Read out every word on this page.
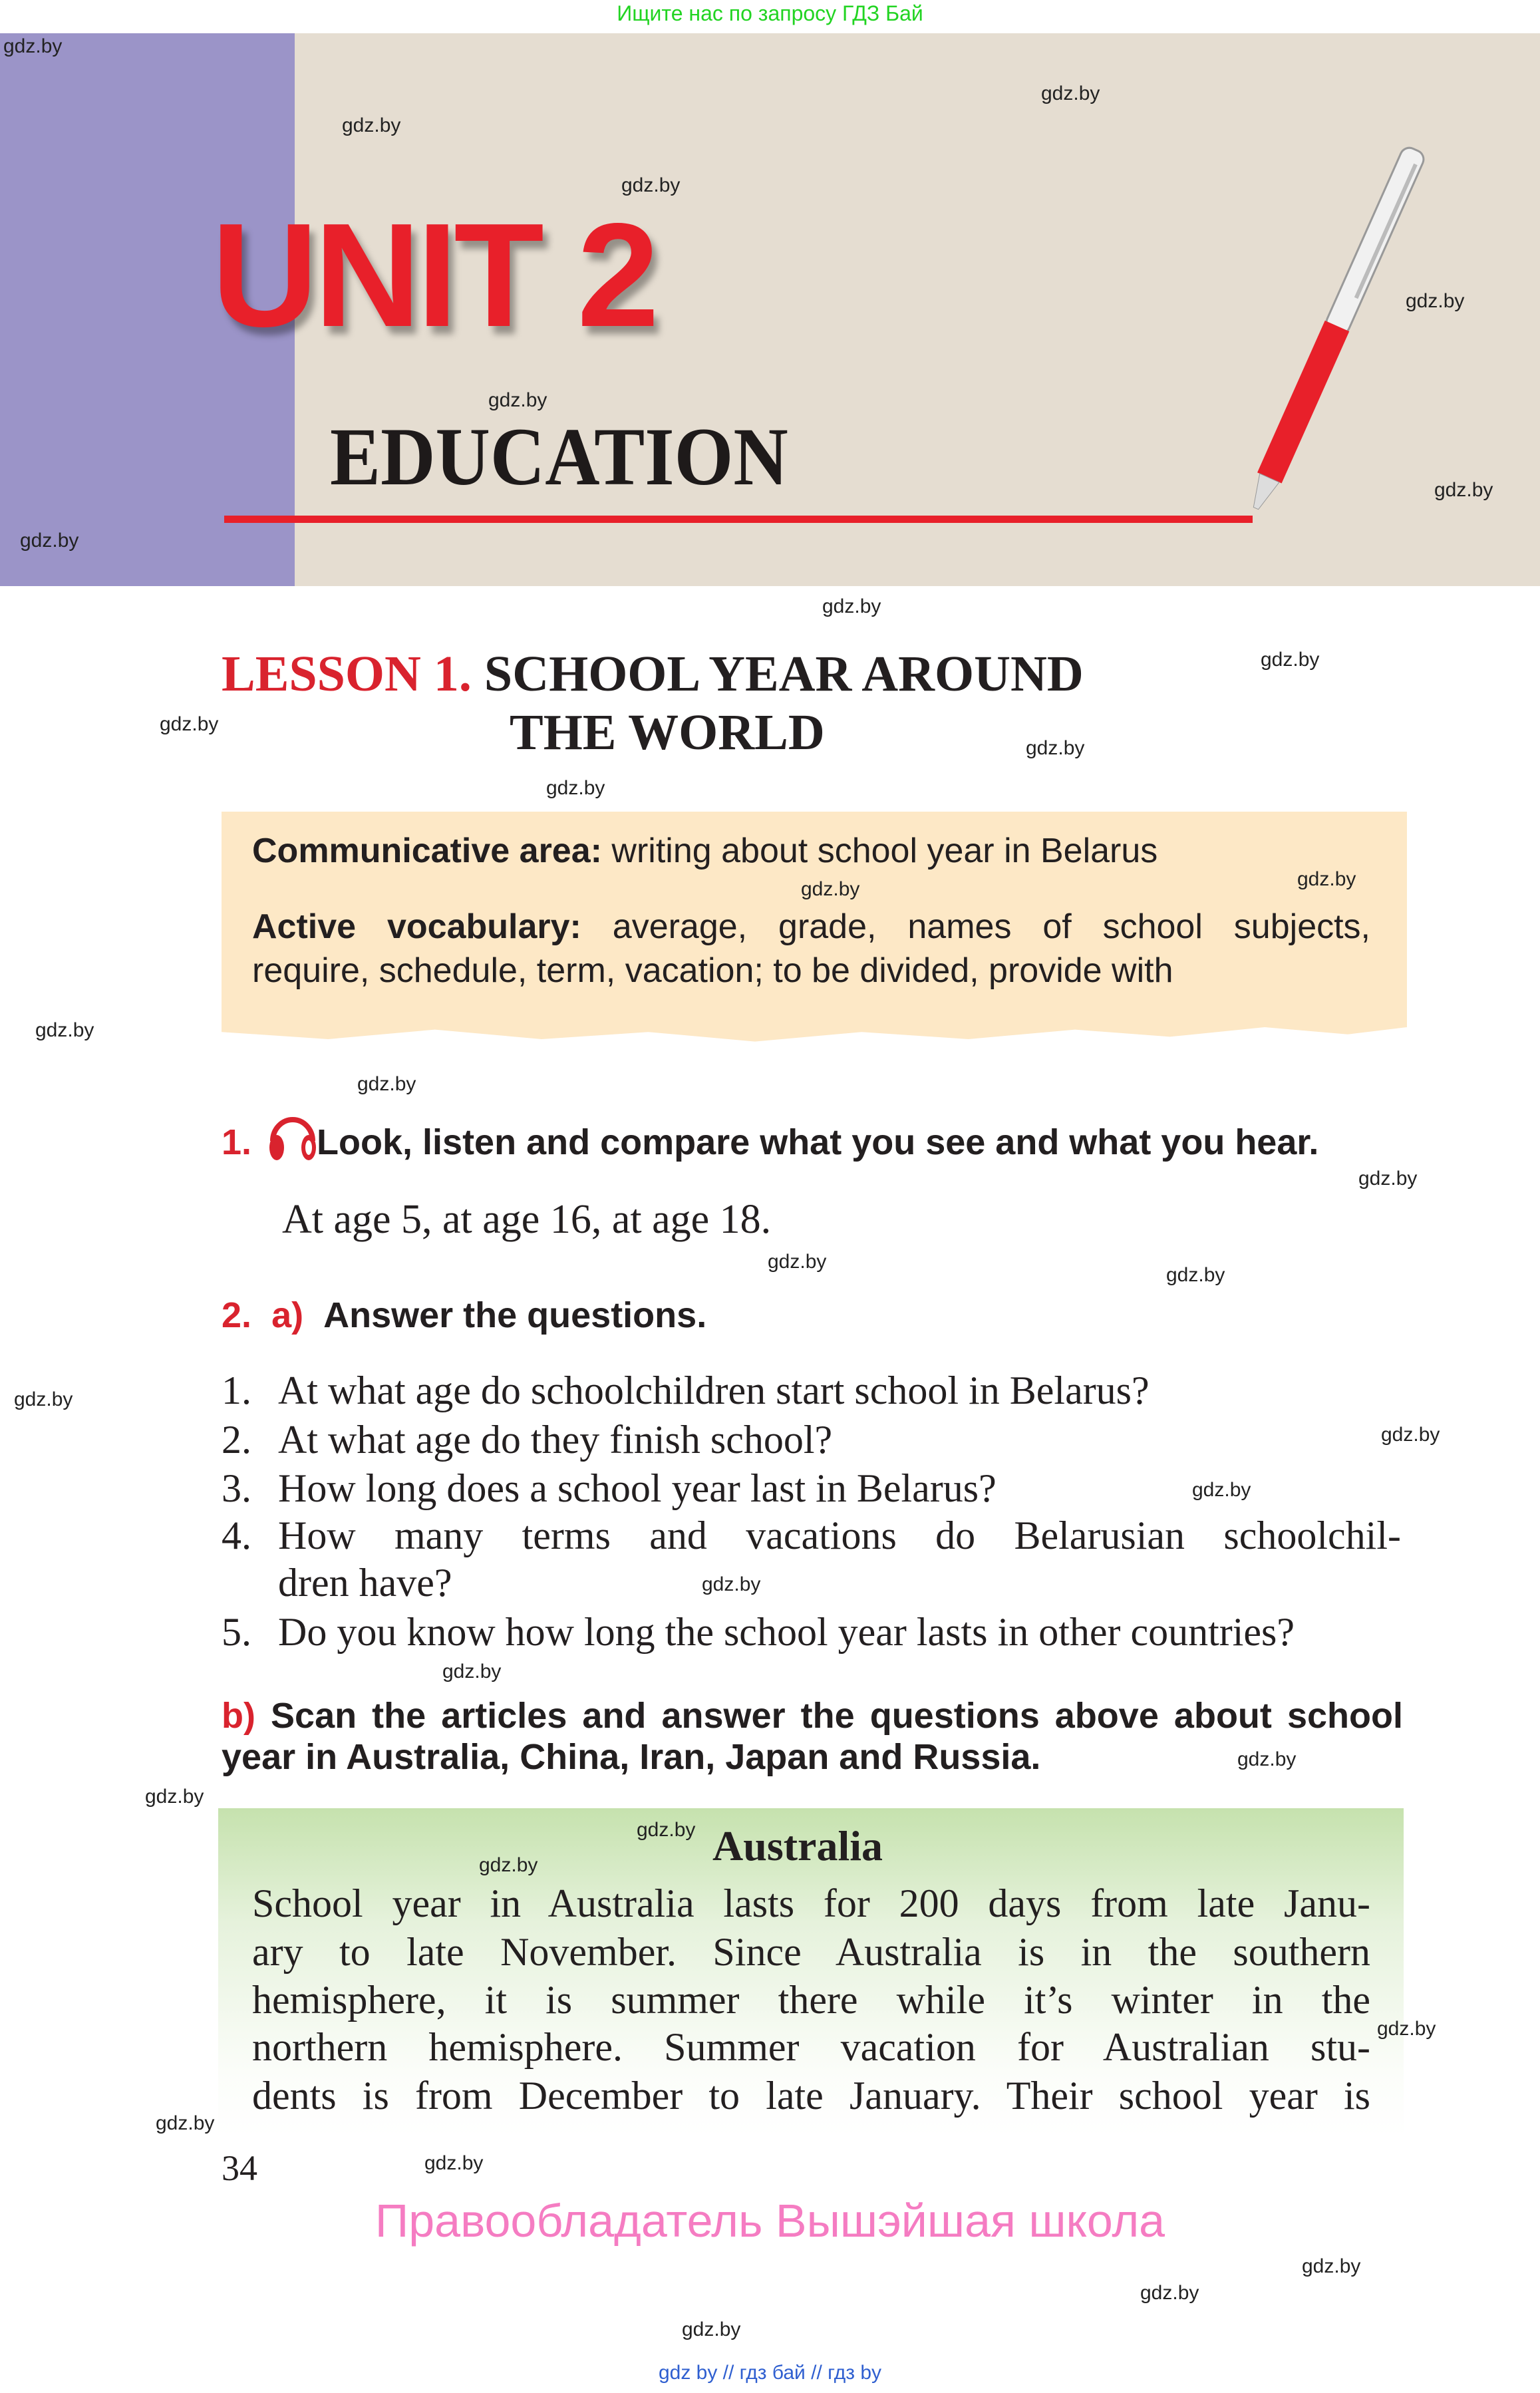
Ищите нас по запросу ГДЗ Бай
UNIT 2
EDUCATION
LESSON 1. SCHOOL YEAR AROUND
THE WORLD
Communicative area: writing about school year in Belarus
Active vocabulary: average, grade, names of school subjects,
require, schedule, term, vacation; to be divided, provide with
1. Look, listen and compare what you see and what you hear.
At age 5, at age 16, at age 18.
2. a) Answer the questions.
1. At what age do schoolchildren start school in Belarus?
2. At what age do they finish school?
3. How long does a school year last in Belarus?
4. How many terms and vacations do Belarusian schoolchil-
dren have?
5. Do you know how long the school year lasts in other countries?
b) Scan the articles and answer the questions above about school
year in Australia, China, Iran, Japan and Russia.
Australia
School year in Australia lasts for 200 days from late Janu-
ary to late November. Since Australia is in the southern
hemisphere, it is summer there while it’s winter in the
northern hemisphere. Summer vacation for Australian stu-
dents is from December to late January. Their school year is
34
Правообладатель Вышэйшая школа
gdz by // гдз бай // гдз by
gdz.by
gdz.by
gdz.by
gdz.by
gdz.by
gdz.by
gdz.by
gdz.by
gdz.by
gdz.by
gdz.by
gdz.by
gdz.by
gdz.by
gdz.by
gdz.by
gdz.by
gdz.by
gdz.by
gdz.by
gdz.by
gdz.by
gdz.by
gdz.by
gdz.by
gdz.by
gdz.by
gdz.by
gdz.by
gdz.by
gdz.by
gdz.by
gdz.by
gdz.by
gdz.by
